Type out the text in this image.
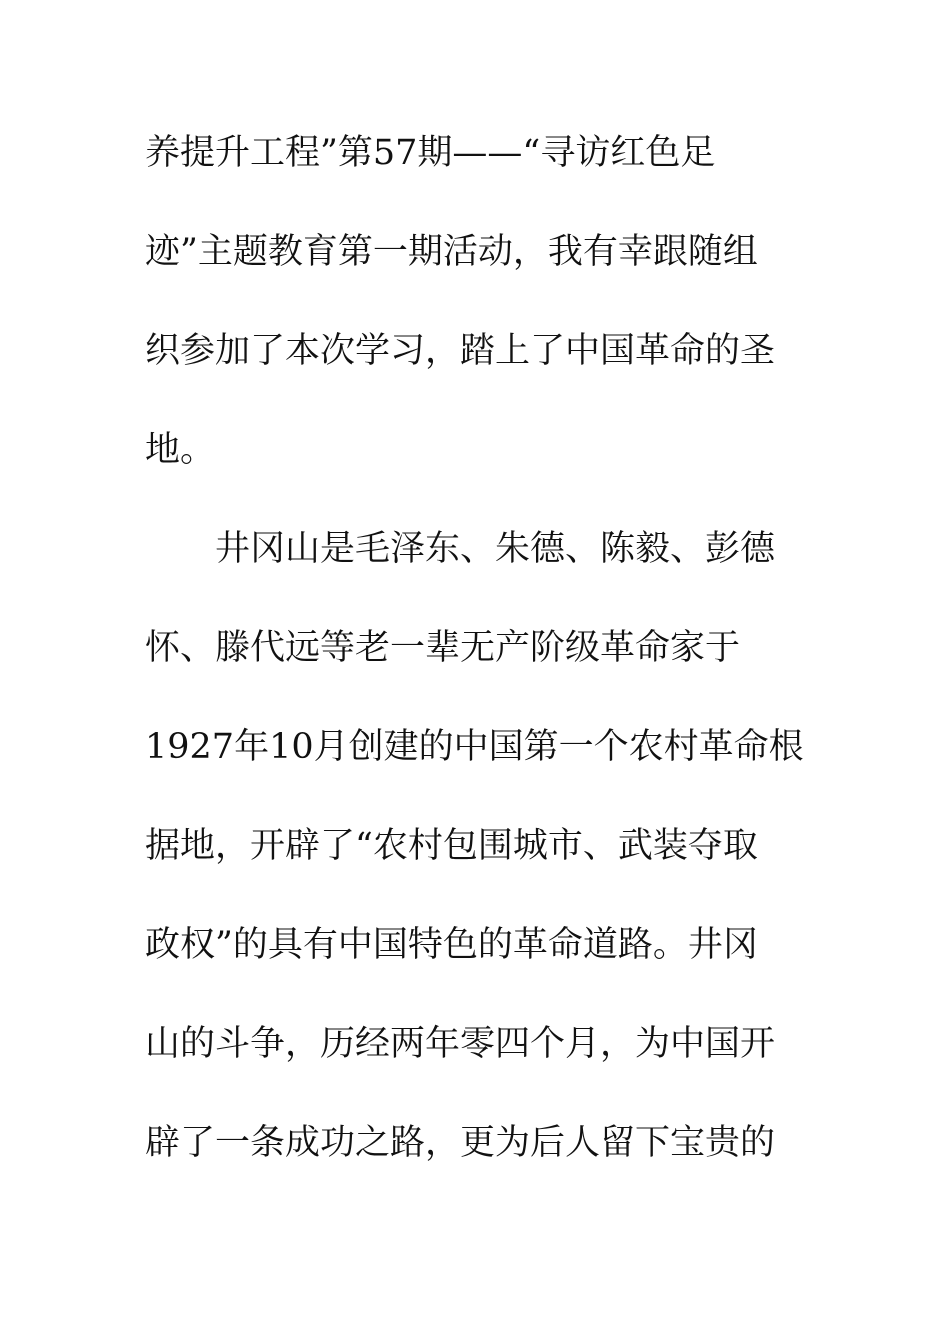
养提升工程”第57期——“寻访红色足
迹”主题教育第一期活动，我有幸跟随组
织参加了本次学习，踏上了中国革命的圣
地。
井冈山是毛泽东、朱德、陈毅、彭德
怀、滕代远等老一辈无产阶级革命家于
1927年10月创建的中国第一个农村革命根
据地，开辟了“农村包围城市、武装夺取
政权”的具有中国特色的革命道路。井冈
山的斗争，历经两年零四个月，为中国开
辟了一条成功之路，更为后人留下宝贵的
